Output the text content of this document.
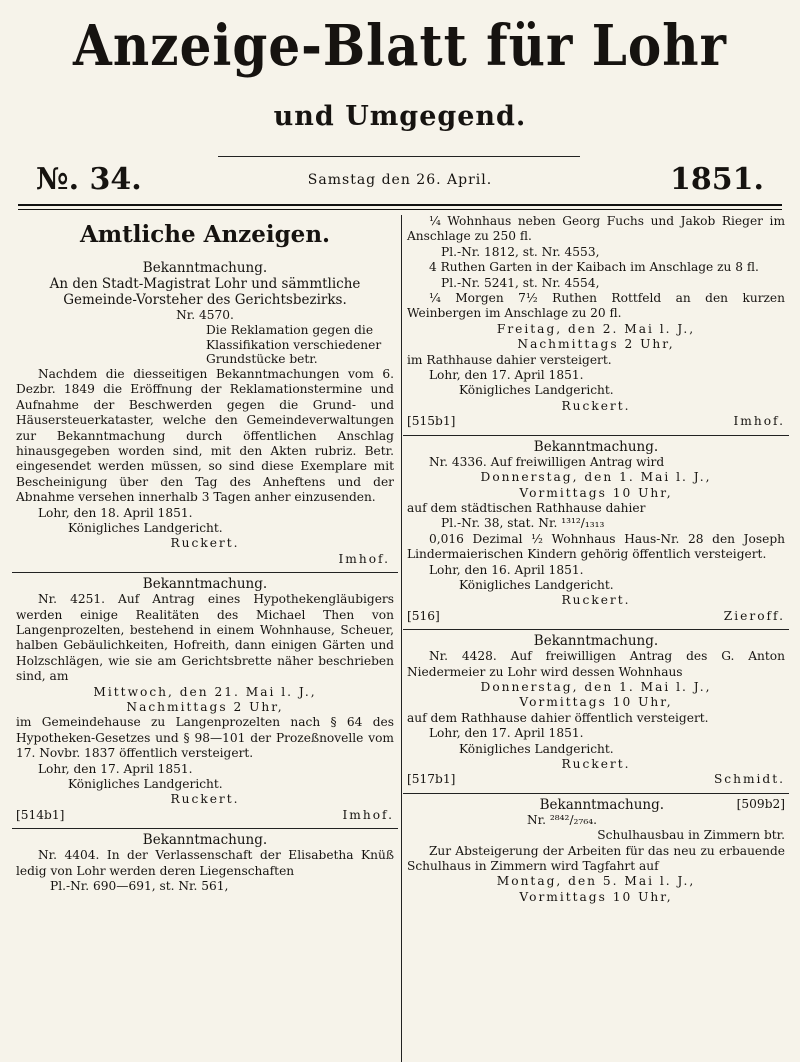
Anzeige-Blatt für Lohr
und Umgegend.
№. 34.	Samstag den 26. April.	1851.
Amtliche Anzeigen.
Bekanntmachung.
An den Stadt-Magistrat Lohr und sämmtliche
Gemeinde-Vorsteher des Gerichtsbezirks.
Nr. 4570.
Die Reklamation gegen die
Klassifikation verschiedener
Grundstücke betr.
Nachdem die diesseitigen Bekanntmachungen vom 6. Dezbr. 1849 die Eröffnung der Reklamationstermine und Aufnahme der Beschwerden gegen die Grund- und Häusersteuerkataster, welche den Gemeindeverwaltungen zur Bekanntmachung durch öffentlichen Anschlag hinausgegeben worden sind, mit den Akten rubriz. Betr. eingesendet werden müssen, so sind diese Exemplare mit Bescheinigung über den Tag des Anheftens und der Abnahme versehen innerhalb 3 Tagen anher einzusenden.
Lohr, den 18. April 1851.
Königliches Landgericht.
Ruckert.
Imhof.
Bekanntmachung.
Nr. 4251. Auf Antrag eines Hypothekengläubigers werden einige Realitäten des Michael Then von Langenprozelten, bestehend in einem Wohnhause, Scheuer, halben Gebäulichkeiten, Hofreith, dann einigen Gärten und Holzschlägen, wie sie am Gerichtsbrette näher beschrieben sind, am
Mittwoch, den 21. Mai l. J.,
Nachmittags 2 Uhr,
im Gemeindehause zu Langenprozelten nach § 64 des Hypotheken-Gesetzes und § 98—101 der Prozeßnovelle vom 17. Novbr. 1837 öffentlich versteigert.
Lohr, den 17. April 1851.
Königliches Landgericht.
Ruckert.
[514b1]	Imhof.
Bekanntmachung.
Nr. 4404. In der Verlassenschaft der Elisabetha Knüß ledig von Lohr werden deren Liegenschaften
Pl.-Nr. 690—691, st. Nr. 561,
¼ Wohnhaus neben Georg Fuchs und Jakob Rieger im Anschlage zu 250 fl.
Pl.-Nr. 1812, st. Nr. 4553,
4 Ruthen Garten in der Kaibach im Anschlage zu 8 fl.
Pl.-Nr. 5241, st. Nr. 4554,
¼ Morgen 7½ Ruthen Rottfeld an den kurzen Weinbergen im Anschlage zu 20 fl.
Freitag, den 2. Mai l. J.,
Nachmittags 2 Uhr,
im Rathhause dahier versteigert.
Lohr, den 17. April 1851.
Königliches Landgericht.
Ruckert.
[515b1]	Imhof.
Bekanntmachung.
Nr. 4336. Auf freiwilligen Antrag wird
Donnerstag, den 1. Mai l. J.,
Vormittags 10 Uhr,
auf dem städtischen Rathhause dahier
Pl.-Nr. 38, stat. Nr. ¹³¹²/₁₃₁₃
0,016 Dezimal ½ Wohnhaus Haus-Nr. 28 den Joseph Lindermaierischen Kindern gehörig öffentlich versteigert.
Lohr, den 16. April 1851.
Königliches Landgericht.
Ruckert.
[516]	Zieroff.
Bekanntmachung.
Nr. 4428. Auf freiwilligen Antrag des G. Anton Niedermeier zu Lohr wird dessen Wohnhaus
Donnerstag, den 1. Mai l. J.,
Vormittags 10 Uhr,
auf dem Rathhause dahier öffentlich versteigert.
Lohr, den 17. April 1851.
Königliches Landgericht.
Ruckert.
[517b1]	Schmidt.
Bekanntmachung.	[509b2]
Nr. ²⁸⁴²/₂₇₆₄.
Schulhausbau in Zimmern btr.
Zur Absteigerung der Arbeiten für das neu zu erbauende Schulhaus in Zimmern wird Tagfahrt auf
Montag, den 5. Mai l. J.,
Vormittags 10 Uhr,
